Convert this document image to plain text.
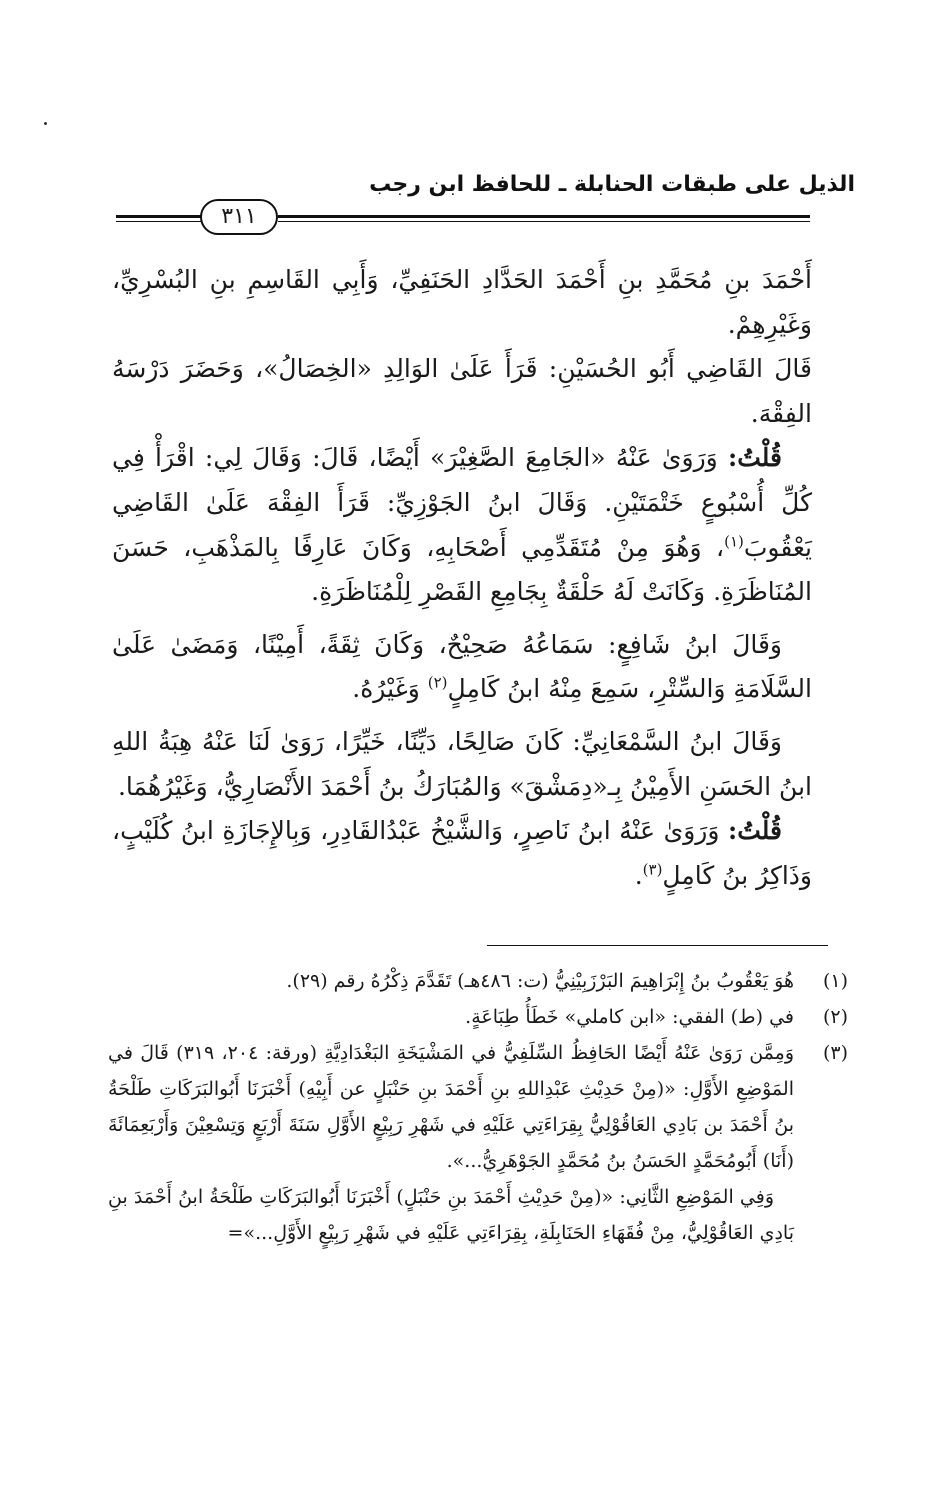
الذيل على طبقات الحنابلة ـ للحافظ ابن رجب
٣١١

أَحْمَدَ بنِ مُحَمَّدِ بنِ أَحْمَدَ الحَدَّادِ الحَنَفِيِّ، وَأَبِي القَاسِمِ بنِ البُسْرِيِّ، وَغَيْرِهِمْ.

قَالَ القَاضِي أَبُو الحُسَيْنِ: قَرَأَ عَلَىٰ الوَالِدِ «الخِصَالُ»، وَحَضَرَ دَرْسَهُ الفِقْهَ.

قُلْتُ: وَرَوَىٰ عَنْهُ «الجَامِعَ الصَّغِيْرَ» أَيْضًا، قَالَ: وَقَالَ لِي: اقْرَأْ فِي كُلِّ أُسْبُوعٍ خَتْمَتَيْنِ. وَقَالَ ابنُ الجَوْزِيِّ: قَرَأَ الفِقْهَ عَلَىٰ القَاضِي يَعْقُوبَ$^{(١)}$، وَهُوَ مِنْ مُتَقَدِّمِي أَصْحَابِهِ، وَكَانَ عَارِفًا بِالمَذْهَبِ، حَسَنَ المُنَاظَرَةِ. وَكَانَتْ لَهُ حَلْقَةٌ بِجَامِعِ القَصْرِ لِلْمُنَاظَرَةِ.

وَقَالَ ابنُ شَافِعٍ: سَمَاعُهُ صَحِيْحٌ، وَكَانَ ثِقَةً، أَمِيْنًا، وَمَضَىٰ عَلَىٰ السَّلَامَةِ وَالسِّتْرِ، سَمِعَ مِنْهُ ابنُ كَامِلٍ$^{(٢)}$ وَغَيْرُهُ.

وَقَالَ ابنُ السَّمْعَانِيِّ: كَانَ صَالِحًا، دَيِّنًا، خَيِّرًا، رَوَىٰ لَنَا عَنْهُ هِبَةُ اللهِ ابنُ الحَسَنِ الأَمِيْنُ بِـ«دِمَشْقَ» وَالمُبَارَكُ بنُ أَحْمَدَ الأَنْصَارِيُّ، وَغَيْرُهُمَا.

قُلْتُ: وَرَوَىٰ عَنْهُ ابنُ نَاصِرٍ، وَالشَّيْخُ عَبْدُالقَادِرِ، وَبِالإِجَازَةِ ابنُ كُلَيْبٍ، وَذَاكِرُ بنُ كَامِلٍ$^{(٣)}$.

(١)

هُوَ يَعْقُوبُ بنُ إِبْرَاهِيمَ البَرْزَبِيْنِيُّ (ت: ٤٨٦هـ) تَقَدَّمَ ذِكْرُهُ رقم (٢٩).

(٢)

في (ط) الفقي: «ابن كاملي» خَطَأُ طِبَاعَةٍ.

(٣)

وَمِمَّن رَوَىٰ عَنْهُ أَيْضًا الحَافِظُ السِّلَفِيُّ في المَشْيَخَةِ البَغْدَادِيَّةِ (ورقة: ٢٠٤، ٣١٩) قَالَ في المَوْضِعِ الأَوَّلِ: «(مِنْ حَدِيْثِ عَبْدِاللهِ بنِ أَحْمَدَ بنِ حَنْبَلٍ عن أَبِيْهِ) أَخْبَرَنَا أَبُوالبَرَكَاتِ طَلْحَةُ بنُ أَحْمَدَ بن بَادِي العَاقُوْلِيُّ بِقِرَاءَتِي عَلَيْهِ في شَهْرِ رَبِيْعٍ الأَوَّلِ سَنَةَ أَرْبَعٍ وَتِسْعِيْنَ وَأَرْبَعِمَائَةَ (أَنَا) أَبُومُحَمَّدٍ الحَسَنُ بنُ مُحَمَّدٍ الجَوْهَرِيُّ...».

وَفِي المَوْضِعِ الثَّانِي: «(مِنْ حَدِيْثِ أَحْمَدَ بنِ حَنْبَلٍ) أَخْبَرَنَا أَبُوالبَرَكَاتِ طَلْحَةُ ابنُ أَحْمَدَ بنِ بَادِي العَاقُوْلِيُّ، مِنْ فُقَهَاءِ الحَنَابِلَةِ، بِقِرَاءَتِي عَلَيْهِ في شَهْرِ رَبِيْعٍ الأَوَّلِ...»=
